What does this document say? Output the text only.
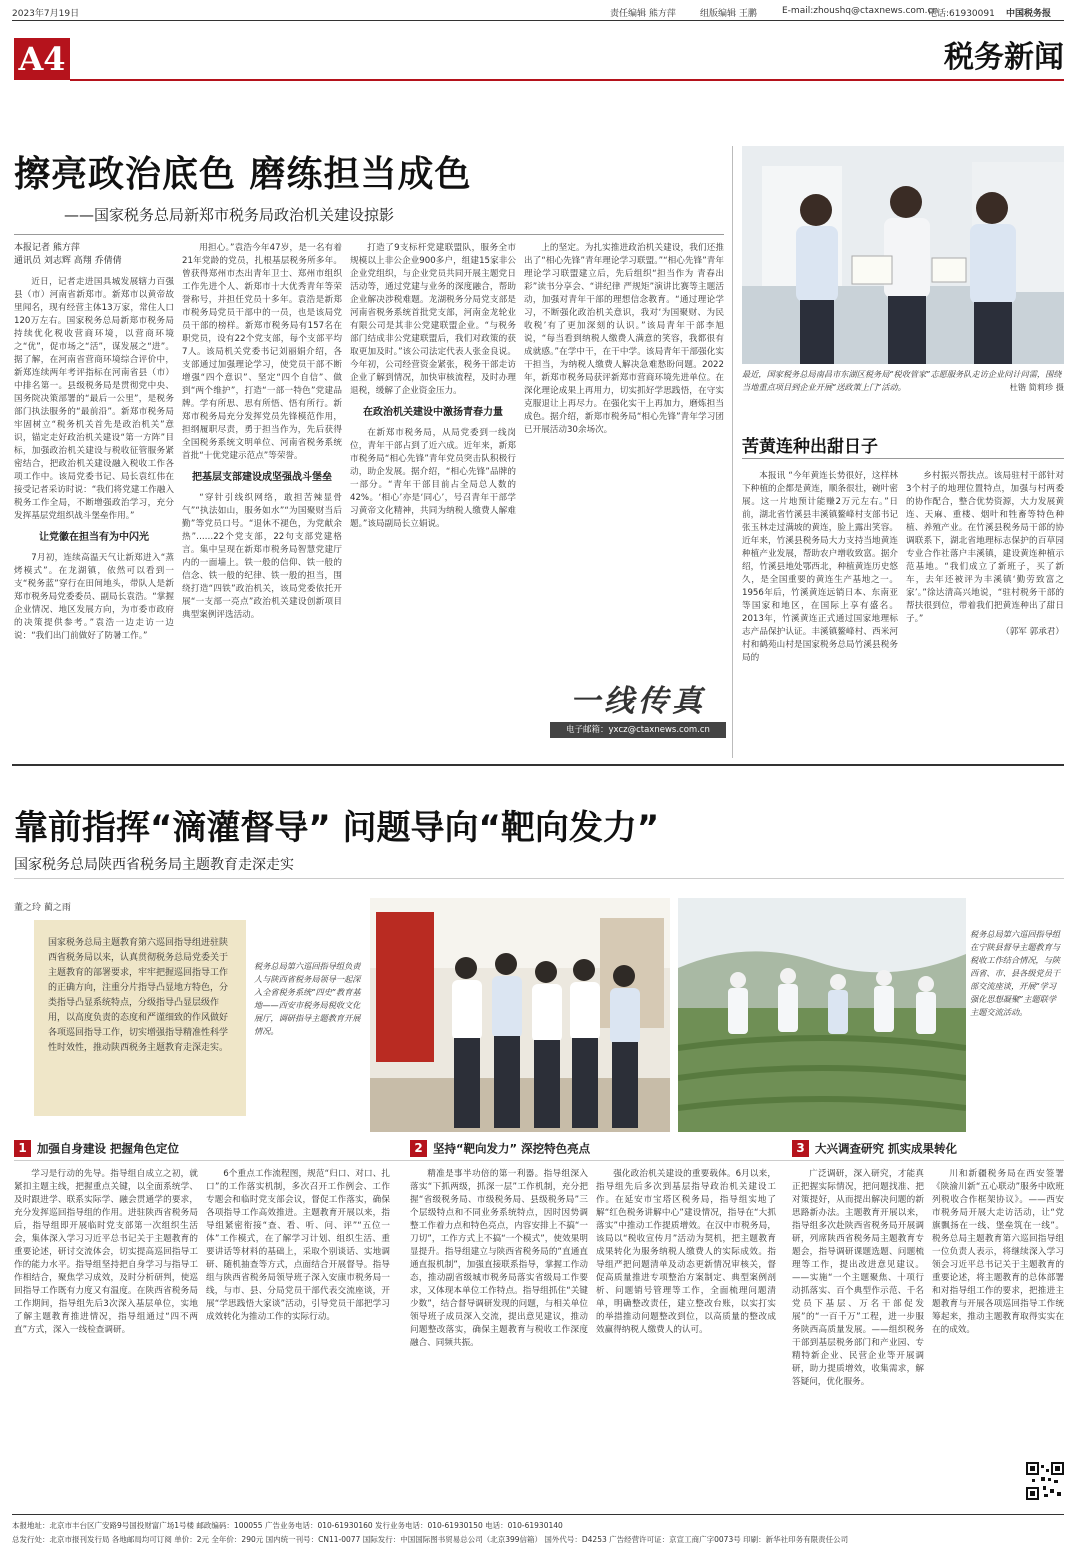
2023年7月19日	责任编辑 熊方萍	组版编辑 王鹏	E-mail:zhoushq@ctaxnews.com.cn
电话:61930091 中国税务报
A4	税务新闻
擦亮政治底色 磨练担当成色
——国家税务总局新郑市税务局政治机关建设掠影
本报记者 熊方萍
通讯员 刘志辉 高翔 乔倩倩

近日，记者走进国具城发展辖力百强县（市）河南省新郑市。新郑市以黄帝故里闻名，现有经营主体13万家，常住人口120万左右。国家税务总局新郑市税务局持续优化税收营商环境，以营商环境之“优”，促市场之“活”，谋发展之“进”。据了解，在河南省营商环境综合评价中，新郑连续两年考评指标在河南省县（市）中排名第一。县级税务局是贯彻党中央、国务院决策部署的“最后一公里”，是税务部门执法服务的“最前沿”。新郑市税务局牢固树立“税务机关首先是政治机关”意识，锚定走好政治机关建设“第一方阵”目标，加强政治机关建设与税收征管服务紧密结合，把政治机关建设融入税收工作各项工作中。该局党委书记、局长袁红伟在接受记者采访时说：“我们将党建工作融入税务工作全局，不断增强政治学习，充分发挥基层党组织战斗堡垒作用。”

让党徽在担当有为中闪光

7月初，连续高温天气让新郑进入“蒸烤模式”。在龙湖镇，依然可以看到一支“税务蓝”穿行在田间地头，带队人是新郑市税务局党委委员、副局长袁浩。“掌握企业情况、地区发展方向，为市委市政府的决策提供参考。”袁浩一边走访一边说：“我们出门前做好了防暑工作。”

用担心。”袁浩今年47岁，是一名有着21年党龄的党员，扎根基层税务所多年。曾获得郑州市杰出青年卫士、郑州市组织工作先进个人、新郑市十大优秀青年等荣誉称号，并担任党员十多年。袁浩是新郑市税务局党员干部中的一员，也是该局党员干部的榜样。新郑市税务局有157名在职党员，设有22个党支部，每个支部平均7人。该局机关党委书记刘丽娟介绍，各支部通过加强理论学习，使党员干部不断增强“四个意识”、坚定“四个自信”、做到“两个维护”，打造“一部一特色”党建品牌。学有所思、思有所悟、悟有所行。新郑市税务局充分发挥党员先锋模范作用，担纲履职尽责，勇于担当作为，先后获得全国税务系统文明单位、河南省税务系统首批“十优党建示范点”等荣誉。

把基层支部建设成坚强战斗堡垒

“穿针引线织网络，敢担苦辣显骨气”“执法如山，服务如水”“为国聚财当后勤”等党员口号。“退休不褪色，为党献余热”……22个党支部，22句支部党建格言。集中呈现在新郑市税务局智慧党建厅内的一面墙上。铁一般的信仰、铁一般的信念、铁一般的纪律、铁一般的担当，围绕打造“四铁”政治机关，该局党委依托开展“一支部一亮点”政治机关建设创新项目典型案例评选活动。

打造了9支标杆党建联盟队，服务全市规模以上非公企业900多户，组建15家非公企业党组织，与企业党员共同开展主题党日活动等，通过党建与业务的深度融合，帮助企业解决涉税难题。龙湖税务分局党支部是河南省税务系统首批党支部，河南金龙轮业有限公司是其非公党建联盟企业。“与税务部门结成非公党建联盟后，我们对政策的获取更加及时。”该公司法定代表人张金良说。今年初，公司经营资金紧张，税务干部走访企业了解到情况，加快审核流程，及时办理退税，缓解了企业资金压力。

在政治机关建设中激扬青春力量

在新郑市税务局，从局党委到一线岗位，青年干部占到了近六成。近年来，新郑市税务局“相心先锋”青年党员突击队积极行动，助企发展。据介绍，“相心先锋”品牌的一部分。“青年干部目前占全局总人数的42%。‘相心’亦是‘同心’，号召青年干部学习黄帝文化精神，共同为纳税人缴费人解难题。”该局副局长立娟说。

上的坚定。为扎实推进政治机关建设，我们还推出了“相心先锋”青年理论学习联盟。”“相心先锋”青年理论学习联盟建立后，先后组织“担当作为 青春出彩”读书分享会、“讲纪律 严规矩”演讲比赛等主题活动，加强对青年干部的理想信念教育。“通过理论学习，不断强化政治机关意识，我对‘为国聚财、为民收税’有了更加深刻的认识。”该局青年干部李旭说，“每当看到纳税人缴费人满意的笑容，我都很有成就感。”在学中干，在干中学。该局青年干部强化实干担当，为纳税人缴费人解决急难愁盼问题。2022年，新郑市税务局获评新郑市营商环境先进单位。在深化理论成果上再用力，切实抓好学思践悟，在守实克服退让上再尽力。在强化实干上再加力，磨炼担当成色。据介绍，新郑市税务局“相心先锋”青年学习团已开展活动30余场次。

一线传真
电子邮箱：yxcz@ctaxnews.com.cn
最近，国家税务总局南昌市东湖区税务局“税收管家”志愿服务队走访企业问计问需，围绕当地重点项目到企业开展“送政策上门”活动。	杜锴 简莉珍 摄
苦黄连种出甜日子

本报讯 “今年黄连长势很好，这样林下种植的企都是黄连，顺条很壮，碗叶密展。这一片地预计能赚2万元左右。”日前，湖北省竹溪县丰溪镇鳌峰村支部书记张玉林走过满坡的黄连，脸上露出笑容。近年来，竹溪县税务局大力支持当地黄连种植产业发展，帮助农户增收致富。据介绍，竹溪县地处鄂西北，种植黄连历史悠久，是全国重要的黄连生产基地之一。1956年后，竹溪黄连远销日本、东南亚等国家和地区，在国际上享有盛名。2013年，竹溪黄连正式通过国家地理标志产品保护认证。丰溪镇鳌峰村、西米河村和鹤苑山村是国家税务总局竹溪县税务局的

乡村振兴帮扶点。该局驻村干部针对3个村子的地理位置特点，加强与村两委的协作配合，整合优势资源，大力发展黄连、天麻、重楼、烟叶和牲畜等特色种植、养殖产业。在竹溪县税务局干部的协调联系下，湖北省地理标志保护的百草园专业合作社落户丰溪镇，建设黄连种植示范基地。“我们成立了新班子，买了新车，去年还被评为丰溪镇‘勤劳致富之家’。”徐达清高兴地说，“驻村税务干部的帮扶很到位，带着我们把黄连种出了甜日子。”

（郭军 郭承君）

靠前指挥“滴灌督导” 问题导向“靶向发力”
国家税务总局陕西省税务局主题教育走深走实
董之玲 蔺之雨
国家税务总局主题教育第六巡回指导组进驻陕西省税务局以来，认真贯彻税务总局党委关于主题教育的部署要求，牢牢把握巡回指导工作的正确方向，注重分片指导凸显地方特色，分类指导凸显系统特点，分级指导凸显层级作用，以高度负责的态度和严谨细致的作风做好各项巡回指导工作，切实增强指导精准性科学性时效性，推动陕西税务主题教育走深走实。
税务总局第六巡回指导组负责人与陕西省税务局领导一起深入全省税务系统“四史”教育基地——西安市税务局税收文化展厅，调研指导主题教育开展情况。
税务总局第六巡回指导组在宁陕县督导主题教育与税收工作结合情况，与陕西省、市、县各级党员干部交流座谈，开展“学习强化思想凝聚”主题联学主题交流活动。
1 加强自身建设 把握角色定位	2 坚持“靶向发力” 深挖特色亮点	3 大兴调查研究 抓实成果转化

学习是行动的先导。指导组自成立之初，就紧扣主题主线，把握重点关键，以全面系统学、及时跟进学、联系实际学、融会贯通学的要求，充分发挥巡回指导组的作用。进驻陕西省税务局后，指导组即开展临时党支部第一次组织生活会，集体深入学习习近平总书记关于主题教育的重要论述，研讨交流体会，切实提高巡回指导工作的能力水平。指导组坚持把自身学习与指导工作相结合，聚焦学习成效，及时分析研判，使巡回指导工作既有力度又有温度。在陕西省税务局工作期间，指导组先后3次深入基层单位，实地了解主题教育推进情况，指导组通过“四不两直”方式，深入一线检查调研。

6个重点工作流程图，规范“归口、对口、扎口”的工作落实机制，多次召开工作例会、工作专题会和临时党支部会议，督促工作落实，确保各项指导工作高效推进。主题教育开展以来，指导组紧密衔接“查、看、听、问、评”“五位一体”工作模式，在了解学习计划、组织生活、重要讲话等材料的基础上，采取个别谈话、实地调研、随机抽查等方式，点面结合开展督导。指导组与陕西省税务局领导班子深入安康市税务局一线，与市、县、分局党员干部代表交流座谈，开展“学思践悟大家谈”活动，引导党员干部把学习成效转化为推动工作的实际行动。

精准是事半功倍的第一利器。指导组深入落实“下抓两级，抓深一层”工作机制，充分把握“省级税务局、市级税务局、县级税务局”三个层级特点和不同业务系统特点，因时因势调整工作着力点和特色亮点，内容安排上不搞“一刀切”，工作方式上不搞“一个模式”，使效果明显提升。指导组建立与陕西省税务局的“直通直通直报机制”，加强直接联系指导，掌握工作动态，推动副省级城市税务局落实省级局工作要求，又体现本单位工作特点。指导组抓住“关键少数”，结合督导调研发现的问题，与相关单位领导班子成员深入交流，提出意见建议，推动问题整改落实，确保主题教育与税收工作深度融合、同频共振。

强化政治机关建设的重要载体。6月以来，指导组先后多次到基层指导政治机关建设工作。在延安市宝塔区税务局，指导组实地了解“红色税务讲解中心”建设情况，指导在“大抓落实”中推动工作提质增效。在汉中市税务局，该局以“税收宣传月”活动为契机，把主题教育成果转化为服务纳税人缴费人的实际成效。指导组严把问题清单及动态更新情况审核关，督促高质量推进专项整治方案制定、典型案例剖析、问题销号管理等工作，全面梳理问题清单，明确整改责任，建立整改台账，以实打实的举措推动问题整改到位，以高质量的整改成效赢得纳税人缴费人的认可。

广泛调研，深入研究，才能真正把握实际情况，把问题找准、把对策提好，从而提出解决问题的新思路新办法。主题教育开展以来，指导组多次赴陕西省税务局开展调研，列席陕西省税务局主题教育专题会，指导调研课题选题、问题梳理等工作，提出改进意见建议。——实施“一个主题聚焦、十项行动抓落实、百个典型作示范、千名党员下基层、万名干部促发展”的“一百千万”工程，进一步服务陕西高质量发展。——组织税务干部到基层税务部门和产业园、专精特新企业、民营企业等开展调研，助力提质增效，收集需求，解答疑问，优化服务。

川和新疆税务局在西安签署《陕渝川新“五心联动”服务中欧班列税收合作框架协议》。——西安市税务局开展大走访活动，让“党旗飘扬在一线、堡垒筑在一线”。税务总局主题教育第六巡回指导组一位负责人表示，将继续深入学习领会习近平总书记关于主题教育的重要论述，将主题教育的总体部署和对指导组工作的要求，把推进主题教育与开展各项巡回指导工作统筹起来，推动主题教育取得实实在在的成效。

本报地址：北京市丰台区广安路9号国投财富广场1号楼 邮政编码：100055 广告业务电话：010-61930160 发行业务电话：010-61930150 电话：010-61930140
总发行处：北京市报刊发行局 各地邮局均可订阅 单价：2元 全年价：290元 国内统一刊号：CN11-0077 国际发行：中国国际图书贸易总公司（北京399信箱） 国外代号：D4253 广告经营许可证：京宣工商广字0073号 印刷：新华社印务有限责任公司
